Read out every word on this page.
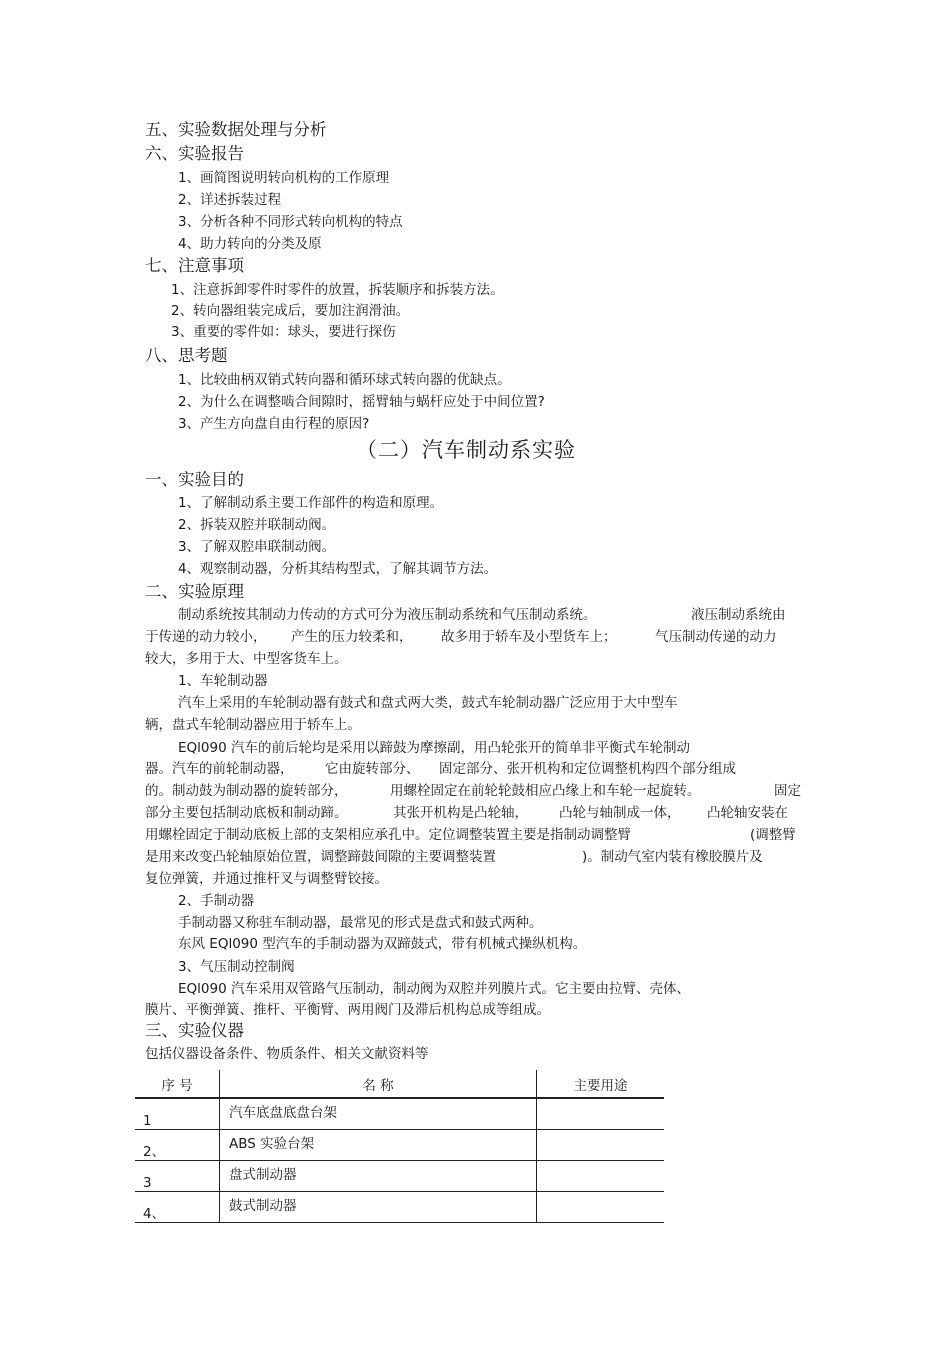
五、实验数据处理与分析
六、实验报告
1、画简图说明转向机构的工作原理
2、详述拆装过程
3、分析各种不同形式转向机构的特点
4、助力转向的分类及原
七、注意事项
1、注意拆卸零件时零件的放置，拆装顺序和拆装方法。
2、转向器组装完成后，要加注润滑油。
3、重要的零件如：球头，要进行探伤
八、思考题
1、比较曲柄双销式转向器和循环球式转向器的优缺点。
2、为什么在调整啮合间隙时，摇臂轴与蜗杆应处于中间位置?
3、产生方向盘自由行程的原因?
（二）汽车制动系实验
一、实验目的
1、了解制动系主要工作部件的构造和原理。
2、拆装双腔并联制动阀。
3、了解双腔串联制动阀。
4、观察制动器，分析其结构型式，了解其调节方法。
二、实验原理
制动系统按其制动力传动的方式可分为液压制动系统和气压制动系统。	液压制动系统由
于传递的动力较小， 产生的压力较柔和， 故多用于轿车及小型货车上；	气压制动传递的动力
较大，多用于大、中型客货车上。
1、车轮制动器
汽车上采用的车轮制动器有鼓式和盘式两大类，鼓式车轮制动器广泛应用于大中型车
辆，盘式车轮制动器应用于轿车上。
EQl090 汽车的前后轮均是采用以蹄鼓为摩擦副，用凸轮张开的简单非平衡式车轮制动
器。汽车的前轮制动器， 它由旋转部分、 固定部分、张开机构和定位调整机构四个部分组成
的。制动鼓为制动器的旋转部分，	用螺栓固定在前轮轮鼓相应凸缘上和车轮一起旋转。	固定
部分主要包括制动底板和制动蹄。	其张开机构是凸轮轴， 凸轮与轴制成一体， 凸轮轴安装在
用螺栓固定于制动底板上部的支架相应承孔中。定位调整装置主要是指制动调整臂	(调整臂
是用来改变凸轮轴原始位置，调整蹄鼓间隙的主要调整装置	)。制动气室内装有橡胶膜片及
复位弹簧，并通过推杆叉与调整臂铰接。
2、手制动器
手制动器又称驻车制动器，最常见的形式是盘式和鼓式两种。
东风 EQl090 型汽车的手制动器为双蹄鼓式，带有机械式操纵机构。
3、气压制动控制阀
EQl090 汽车采用双管路气压制动，制动阀为双腔并列膜片式。它主要由拉臂、壳体、
膜片、平衡弹簧、推杆、平衡臂、两用阀门及滞后机构总成等组成。
三、实验仪器
包括仪器设备条件、物质条件、相关文献资料等
序 号	名 称	主要用途
1	汽车底盘底盘台架	
2、	ABS 实验台架	
3	盘式制动器	
4、	鼓式制动器	
